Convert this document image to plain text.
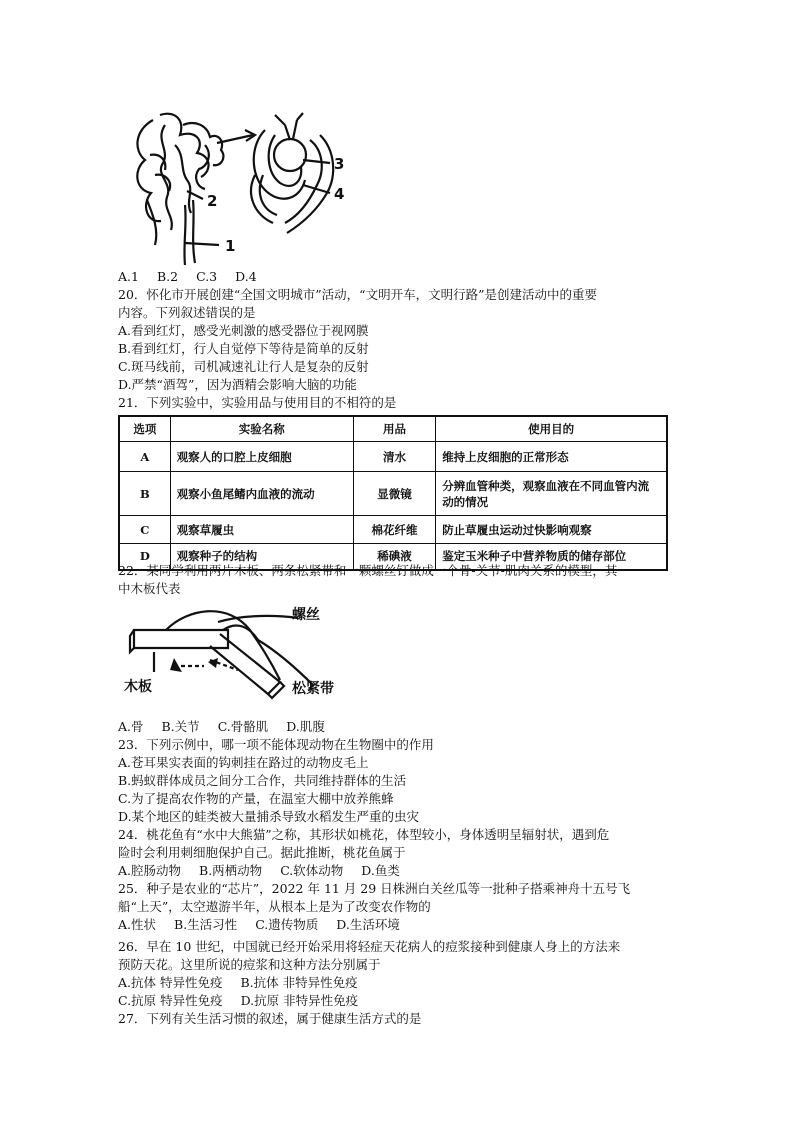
1
2
3
4
A.1 B.2 C.3 D.4
20．怀化市开展创建“全国文明城市”活动，“文明开车，文明行路”是创建活动中的重要
内容。下列叙述错误的是
A.看到红灯，感受光刺激的感受器位于视网膜
B.看到红灯，行人自觉停下等待是简单的反射
C.斑马线前，司机减速礼让行人是复杂的反射
D.严禁“酒驾”，因为酒精会影响大脑的功能
21．下列实验中，实验用品与使用目的不相符的是
选项	实验名称	用品	使用目的
A	观察人的口腔上皮细胞	清水	维持上皮细胞的正常形态
B	观察小鱼尾鳍内血液的流动	显微镜	分辨血管种类，观察血液在不同血管内流动的情况
C	观察草履虫	棉花纤维	防止草履虫运动过快影响观察
D	观察种子的结构	稀碘液	鉴定玉米种子中营养物质的储存部位
22．某同学利用两片木板、两条松紧带和一颗螺丝钉做成一个骨-关节-肌肉关系的模型，其
中木板代表
螺丝
木板	松紧带
A.骨 B.关节 C.骨骼肌 D.肌腹
23．下列示例中，哪一项不能体现动物在生物圈中的作用
A.苍耳果实表面的钩刺挂在路过的动物皮毛上
B.蚂蚁群体成员之间分工合作，共同维持群体的生活
C.为了提高农作物的产量，在温室大棚中放养熊蜂
D.某个地区的蛙类被大量捕杀导致水稻发生严重的虫灾
24．桃花鱼有“水中大熊猫”之称，其形状如桃花，体型较小，身体透明呈辐射状，遇到危
险时会利用刺细胞保护自己。据此推断，桃花鱼属于
A.腔肠动物 B.两栖动物 C.软体动物 D.鱼类
25．种子是农业的“芯片”，2022 年 11 月 29 日株洲白关丝瓜等一批种子搭乘神舟十五号飞
船“上天”，太空遨游半年，从根本上是为了改变农作物的
A.性状 B.生活习性 C.遗传物质 D.生活环境
26．早在 10 世纪，中国就已经开始采用将轻症天花病人的痘浆接种到健康人身上的方法来
预防天花。这里所说的痘浆和这种方法分别属于
A.抗体 特异性免疫 B.抗体 非特异性免疫
C.抗原 特异性免疫 D.抗原 非特异性免疫
27．下列有关生活习惯的叙述，属于健康生活方式的是
